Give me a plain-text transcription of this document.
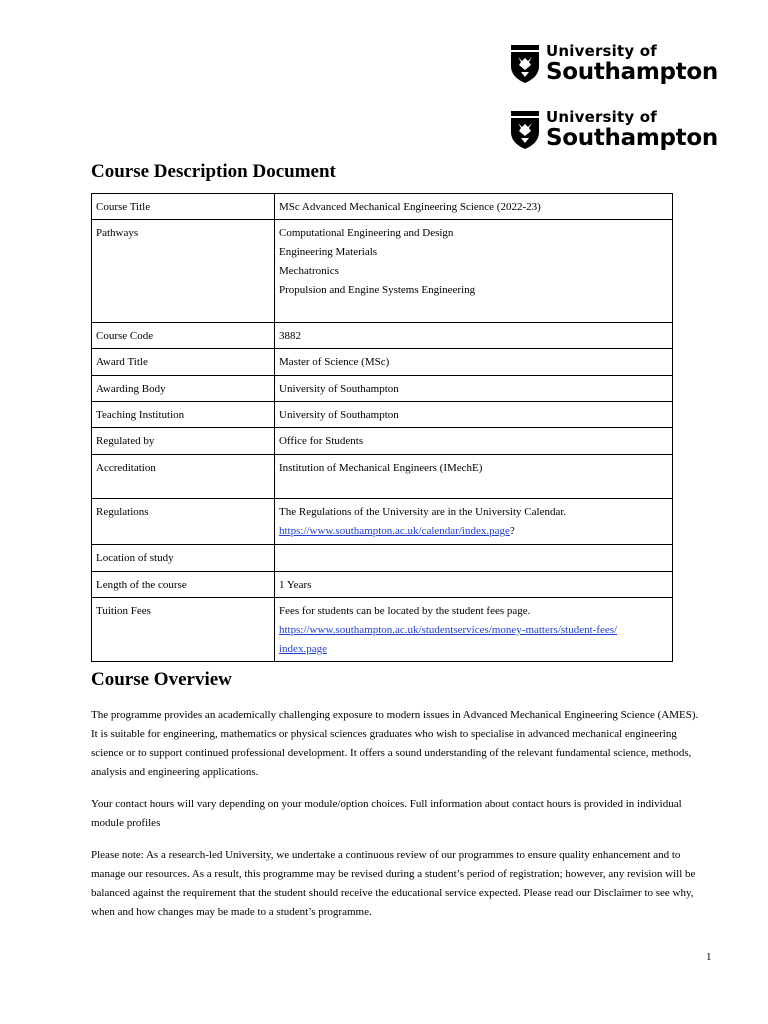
University of
Southampton
University of
Southampton
Course Description Document
Course Title	MSc Advanced Mechanical Engineering Science (2022-23)
Pathways	Computational Engineering and Design
Engineering Materials
Mechatronics
Propulsion and Engine Systems Engineering

Course Code	3882
Award Title	Master of Science (MSc)
Awarding Body	University of Southampton
Teaching Institution	University of Southampton
Regulated by	Office for Students
Accreditation	Institution of Mechanical Engineers (IMechE)
Regulations	The Regulations of the University are in the University Calendar.
https://www.southampton.ac.uk/calendar/index.page?

Location of study	
Length of the course	1 Years
Tuition Fees	Fees for students can be located by the student fees page.
https://www.southampton.ac.uk/studentservices/money-matters/student-fees/
index.page
Course Overview

The programme provides an academically challenging exposure to modern issues in Advanced Mechanical Engineering Science (AMES). It is suitable for engineering, mathematics or physical sciences graduates who wish to specialise in advanced mechanical engineering science or to support continued professional development. It offers a sound understanding of the relevant fundamental science, methods, analysis and engineering applications.

Your contact hours will vary depending on your module/option choices. Full information about contact hours is provided in individual module profiles

Please note: As a research-led University, we undertake a continuous review of our programmes to ensure quality enhancement and to manage our resources. As a result, this programme may be revised during a student’s period of registration; however, any revision will be balanced against the requirement that the student should receive the educational service expected. Please read our Disclaimer to see why, when and how changes may be made to a student’s programme.

1
